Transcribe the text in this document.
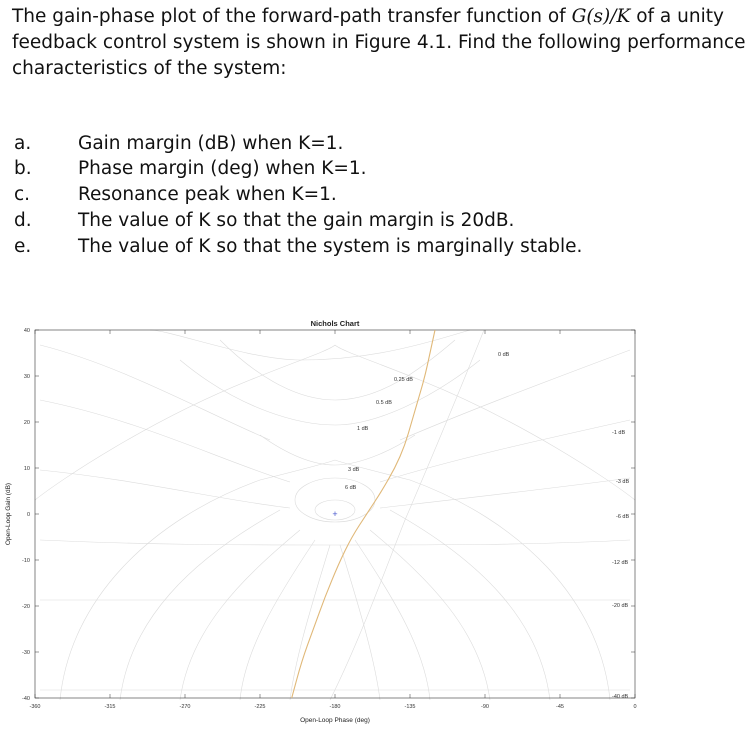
The gain-phase plot of the forward-path transfer function of G(s)/K of a unity
feedback control system is shown in Figure 4.1. Find the following performance
characteristics of the system:

a.	Gain margin (dB) when K=1.
b.	Phase margin (deg) when K=1.
c.	Resonance peak when K=1.
d.	The value of K so that the gain margin is 20dB.
e.	The value of K so that the system is marginally stable.
Nichols Chart
Open-Loop Phase (deg)
Open-Loop Gain (dB)
-360	-315	-270	-225	-180	-135	-90	-45	0
40
30
20
10
0
-10
-20
-30
-40
0 dB
0.25 dB
0.5 dB
1 dB
3 dB
6 dB
-1 dB
-3 dB
-6 dB
-12 dB
-20 dB
-40 dB
+
